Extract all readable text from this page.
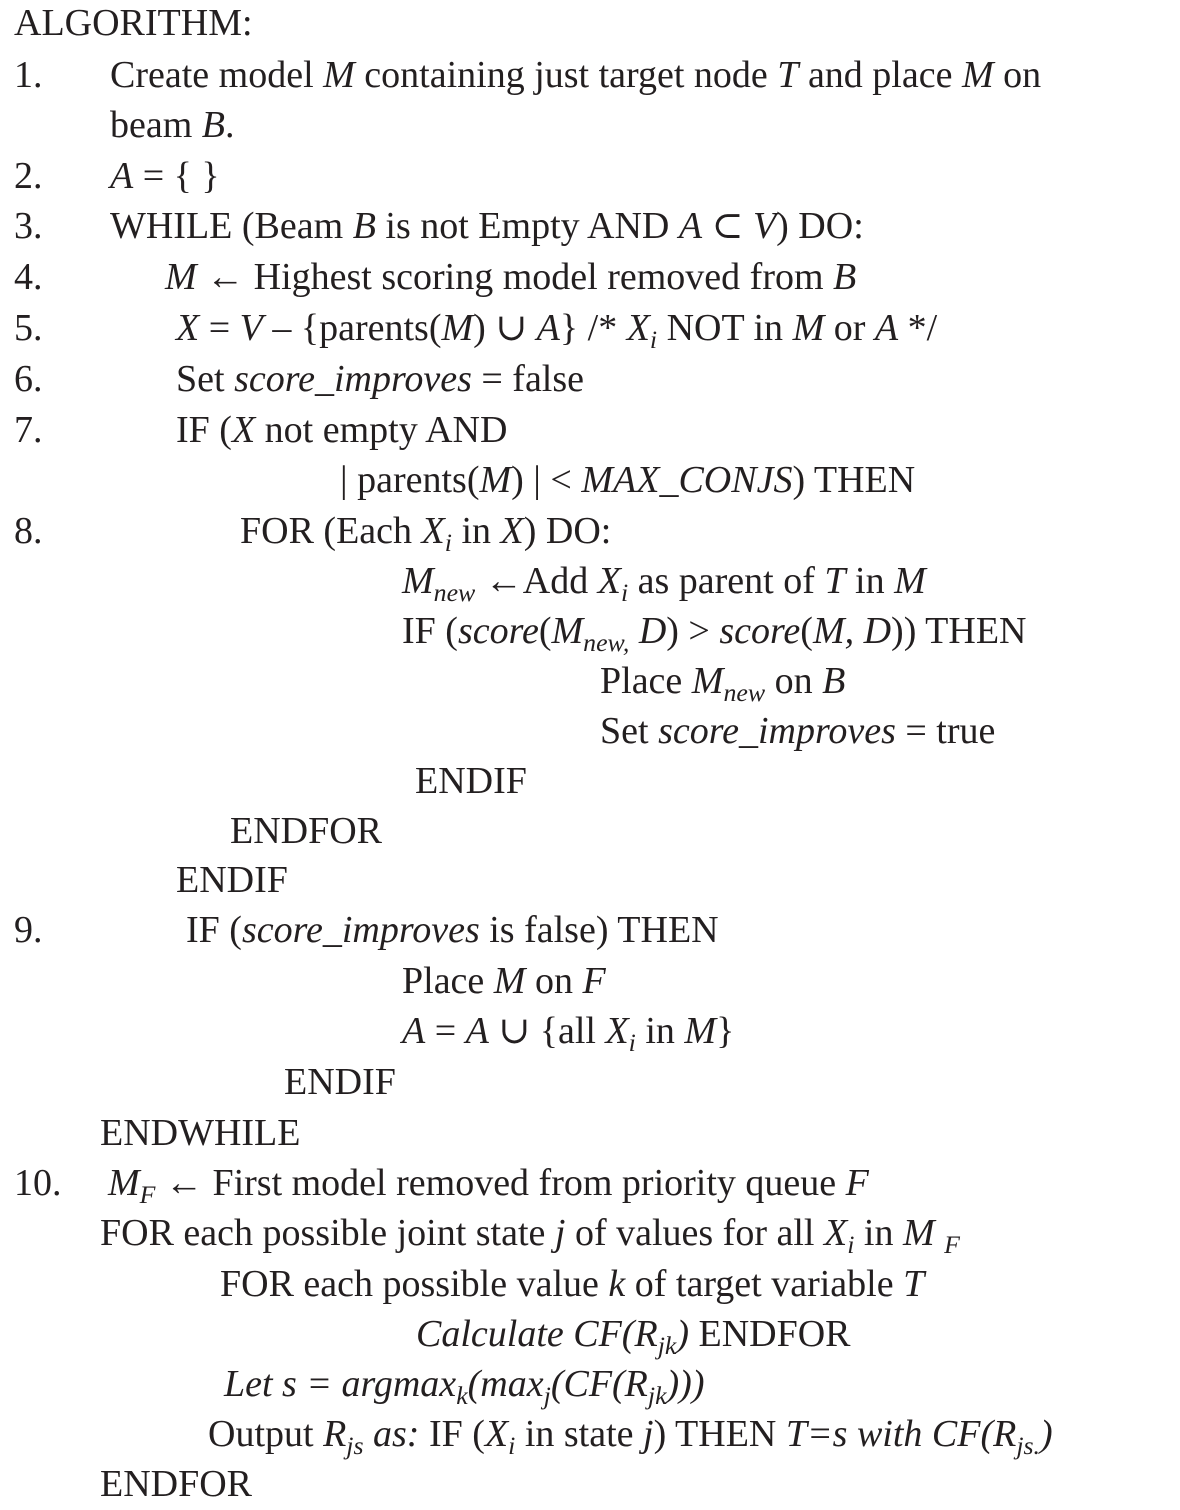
ALGORITHM:
1. Create model M containing just target node T and place M on
beam B.
2. A = { }
3. WHILE (Beam B is not Empty AND A ⊂ V) DO:
4.	M ← Highest scoring model removed from B
5.	X = V – {parents(M) ∪ $A\} /* X_i$ NOT in M or A */
6.	Set score_improves = false
7.	IF (X not empty AND
| parents(M) | < MAX_CONJS) THEN
8.	FOR (Each $X_i$ in X) DO:
$M_{new}$ ←Add $X_i$ as parent of T in M
IF ($score(M_{new,}$ D) > score(M, D)) THEN
Place $M_{new}$ on B
Set score_improves = true
ENDIF
ENDFOR
ENDIF
9.	IF (score_improves is false) THEN
Place M on F
A = A ∪ {all $X_i$ in M}
ENDIF
ENDWHILE
10. $M_F$ ← First model removed from priority queue F
FOR each possible joint state j of values for all $X_i$ in M $_F$
FOR each possible value k of target variable T
Calculate $CF(R_{jk})$ ENDFOR
Let $s = argmax_k(\max_j(CF(R_{jk})))$
Output $R_{js}$ as: IF ($X_i$ in state j) THEN T=s with $CF(R_{js.})$
ENDFOR
